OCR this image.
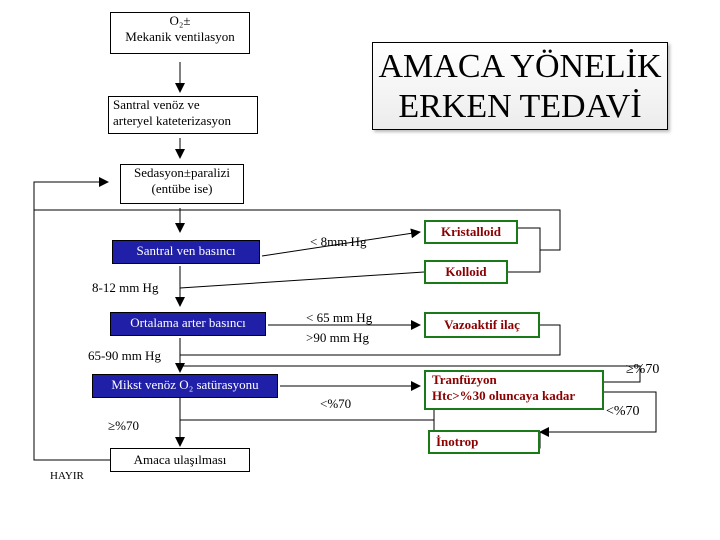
O₂±
Mekanik ventilasyon
AMACA YÖNELİK
ERKEN TEDAVİ
Santral venöz ve
arteryel kateterizasyon
Sedasyon±paralizi
(entübe ise)
Santral ven basıncı
Ortalama arter basıncı
Mikst venöz O₂ satürasyonu
Kristalloid
Kolloid
Vazoaktif ilaç
Tranfüzyon
Htc>%30 oluncaya kadar
İnotrop
Amaca ulaşılması
< 8mm Hg
8-12 mm Hg
< 65 mm Hg
>90 mm Hg
65-90 mm Hg
<%70
≥%70
≥%70
<%70
HAYIR
